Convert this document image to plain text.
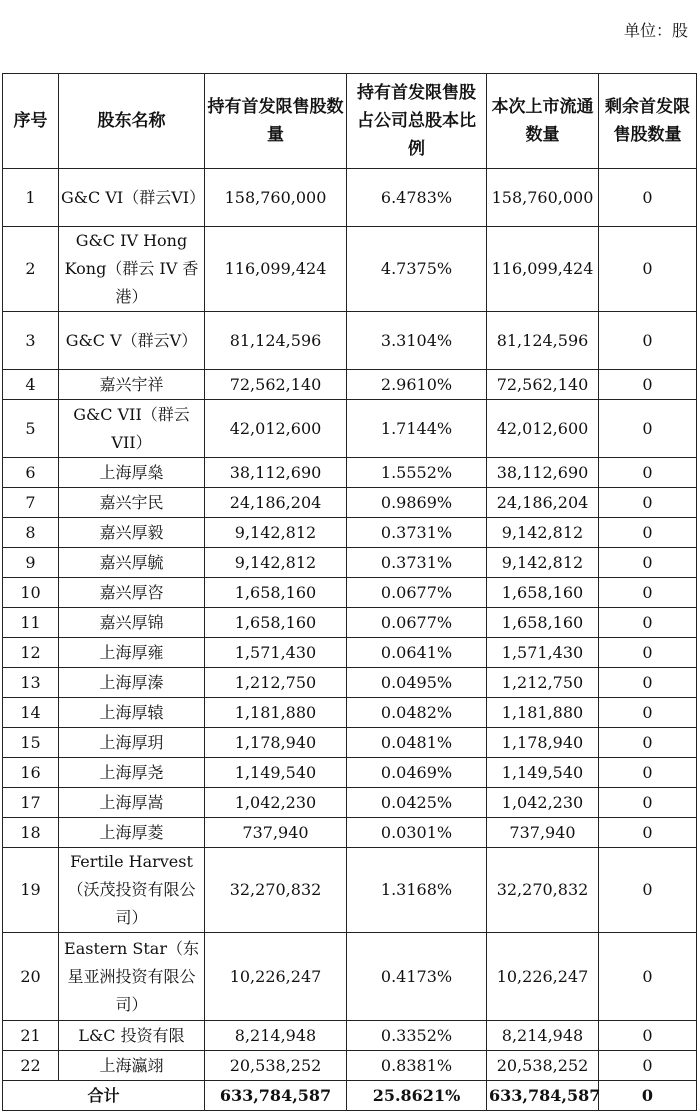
单位：股
序号	股东名称	持有首发限售股数量	持有首发限售股占公司总股本比例	本次上市流通数量	剩余首发限售股数量
1	G&C VI（群云VI）	158,760,000	6.4783%	158,760,000	0
2	G&C IV Hong Kong（群云 IV 香港）	116,099,424	4.7375%	116,099,424	0
3	G&C V（群云V）	81,124,596	3.3104%	81,124,596	0
4	嘉兴宇祥	72,562,140	2.9610%	72,562,140	0
5	G&C VII（群云VII）	42,012,600	1.7144%	42,012,600	0
6	上海厚燊	38,112,690	1.5552%	38,112,690	0
7	嘉兴宇民	24,186,204	0.9869%	24,186,204	0
8	嘉兴厚毅	9,142,812	0.3731%	9,142,812	0
9	嘉兴厚毓	9,142,812	0.3731%	9,142,812	0
10	嘉兴厚咨	1,658,160	0.0677%	1,658,160	0
11	嘉兴厚锦	1,658,160	0.0677%	1,658,160	0
12	上海厚雍	1,571,430	0.0641%	1,571,430	0
13	上海厚溱	1,212,750	0.0495%	1,212,750	0
14	上海厚辕	1,181,880	0.0482%	1,181,880	0
15	上海厚玥	1,178,940	0.0481%	1,178,940	0
16	上海厚尧	1,149,540	0.0469%	1,149,540	0
17	上海厚嵩	1,042,230	0.0425%	1,042,230	0
18	上海厚菱	737,940	0.0301%	737,940	0
19	Fertile Harvest（沃茂投资有限公司）	32,270,832	1.3168%	32,270,832	0
20	Eastern Star（东星亚洲投资有限公司）	10,226,247	0.4173%	10,226,247	0
21	L&C 投资有限	8,214,948	0.3352%	8,214,948	0
22	上海瀛翊	20,538,252	0.8381%	20,538,252	0
合计		633,784,587	25.8621%	633,784,587	0
